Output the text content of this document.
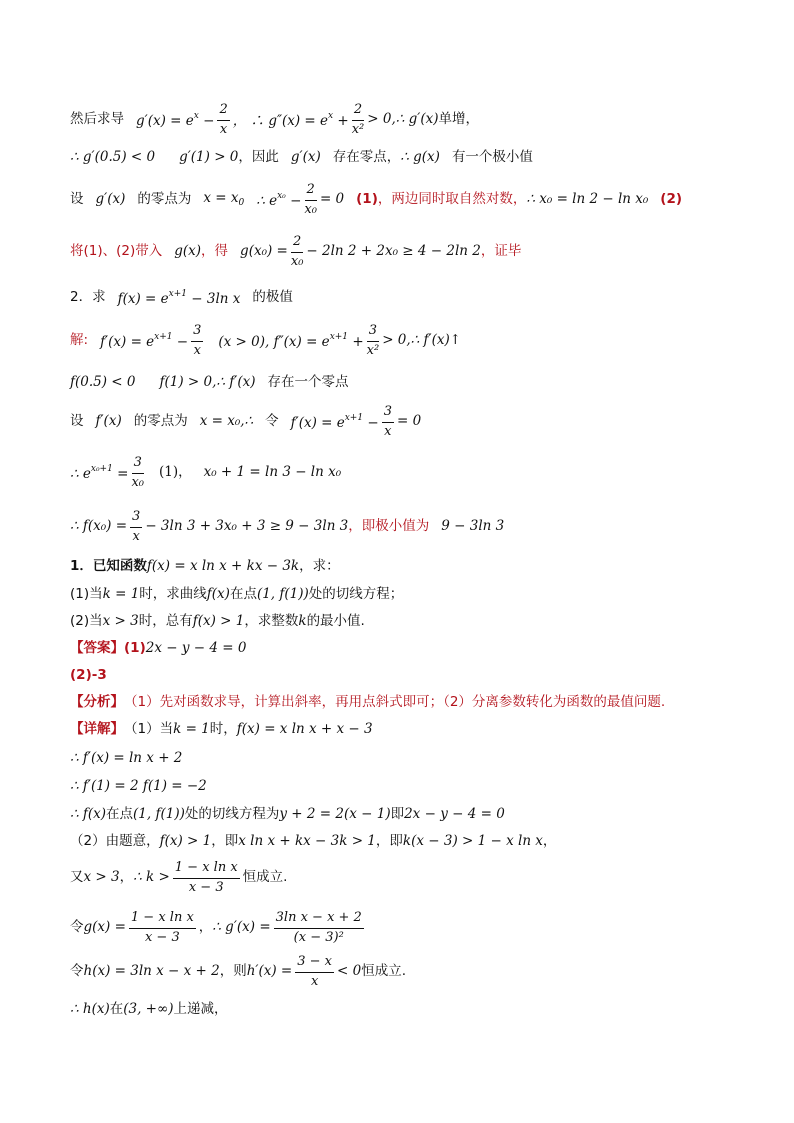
然后求导 $g'(x) = e^x - \frac{2}{x}$ ， ∴ $g''(x) = e^x + \frac{2}{\text{x²}}$ > 0,∴ g′(x) 单增，
∴ g′(0.5) < 0 g′(1) > 0 ，因此 g′(x) 存在零点， ∴ g(x) 有一个极小值
设 g′(x) 的零点为 $x = x_0$ ∴ $e^{x_0} - \frac{2}{\text{x₀}} = 0$ (1) ，两边同时取自然对数， ∴ x₀ = ln 2 − ln x₀ (2)
将(1)、(2)带入 g(x) ，得 $g(x_0) = \frac{2}{\text{x₀}} - 2\ln$ 2 + 2x₀ ≥ 4 − 2ln 2 ，证毕
2．求 $f(x) = e^{x+1} - 3\ln$ x 的极值
解: $f'(x) = e^{x+1} - \frac{3}{x} (x > 0)$, $f''(x) = e^{x+1} + \frac{3}{\text{x²}}$ > 0,∴ f′(x)↑
f(0.5) < 0 f(1) > 0,∴ f′(x) 存在一个零点
设 f′(x) 的零点为 x = x₀,∴ 令 $f'(x) = e^{x+1} - \frac{3}{x} = 0$
∴ $e^{x_0+1} = \frac{3}{\text{x₀}} (1)$， x₀ + 1 = ln 3 − ln x₀
∴ $f(x_0) = \frac{3}{x} - 3\ln$ 3 + 3x₀ + 3 ≥ 9 − 3ln 3 ，即极小值为 9 − 3ln 3
1．已知函数 f(x) = x ln x + kx − 3k ，求：
(1)当 k = 1 时，求曲线 f(x) 在点 (1, f(1)) 处的切线方程；
(2)当 x > 3 时，总有 f(x) > 1 ，求整数 k 的最小值.
【答案】(1) 2x − y − 4 = 0
(2)-3
【分析】 （1）先对函数求导，计算出斜率，再用点斜式即可；（2）分离参数转化为函数的最值问题.
【详解】 （1）当 k = 1 时， f(x) = x ln x + x − 3
∴ f′(x) = ln x + 2
∴ f′(1) = 2 f(1) = −2
∴ f(x) 在点 (1, f(1)) 处的切线方程为 y + 2 = 2(x − 1) 即 2x − y − 4 = 0
（2）由题意， f(x) > 1 ，即 x ln x + kx − 3k > 1 ，即 k(x − 3) > 1 − x ln x ，
又 x > 3 ， ∴ $k > \frac{\text{1 − x ln x}}{x - 3}$ 恒成立.
令 $g(x) = \frac{\text{1 − x ln x}}{x - 3}$ ， ∴ $g'(x) = \frac{\text{3ln x − x + 2}}{\text{(x − 3)²}}$
令 h(x) = 3ln x − x + 2 ，则 $h'(x) = \frac{3 - x}{x} < 0$ 恒成立.
∴ h(x) 在 (3, +∞) 上递减，
